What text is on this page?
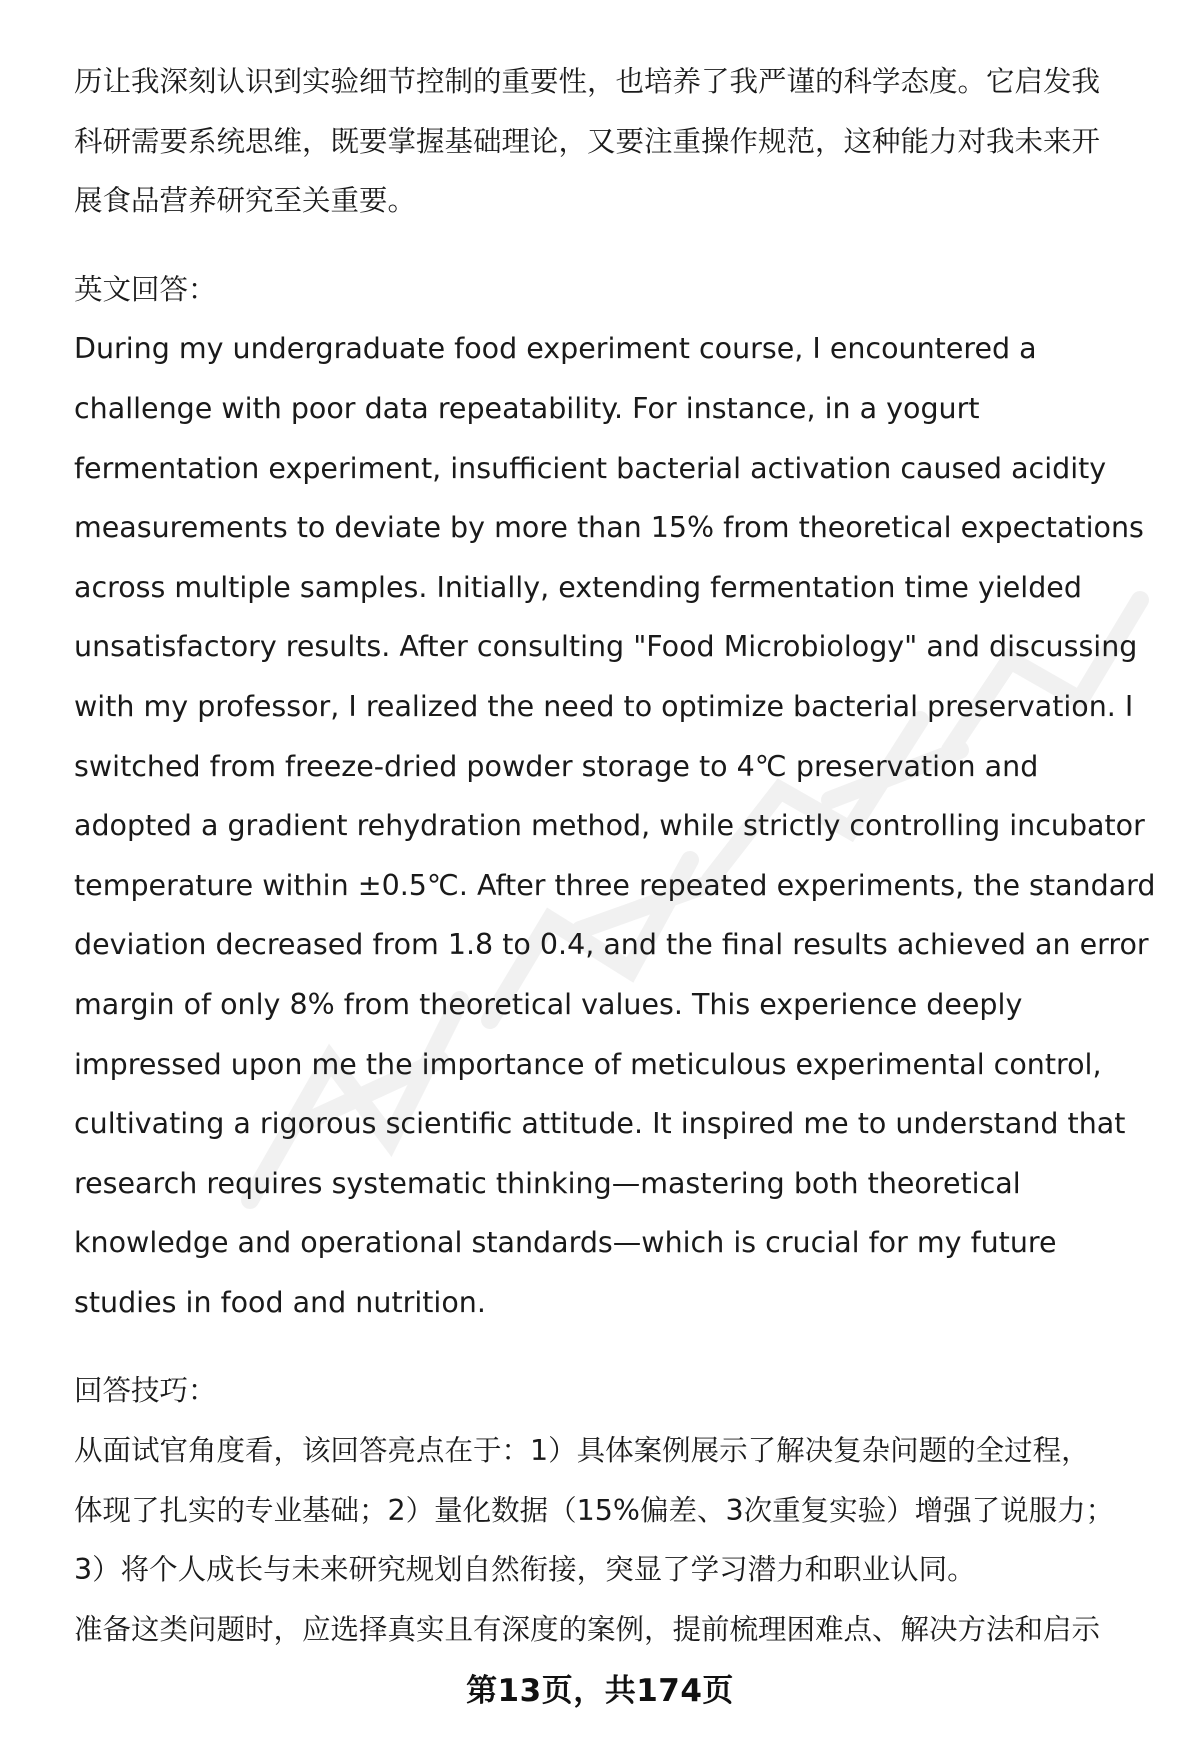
历让我深刻认识到实验细节控制的重要性，也培养了我严谨的科学态度。它启发我
科研需要系统思维，既要掌握基础理论，又要注重操作规范，这种能力对我未来开
展食品营养研究至关重要。
英文回答：
During my undergraduate food experiment course, I encountered a
challenge with poor data repeatability. For instance, in a yogurt
fermentation experiment, insufficient bacterial activation caused acidity
measurements to deviate by more than 15% from theoretical expectations
across multiple samples. Initially, extending fermentation time yielded
unsatisfactory results. After consulting "Food Microbiology" and discussing
with my professor, I realized the need to optimize bacterial preservation. I
switched from freeze-dried powder storage to 4℃ preservation and
adopted a gradient rehydration method, while strictly controlling incubator
temperature within ±0.5℃. After three repeated experiments, the standard
deviation decreased from 1.8 to 0.4, and the final results achieved an error
margin of only 8% from theoretical values. This experience deeply
impressed upon me the importance of meticulous experimental control,
cultivating a rigorous scientific attitude. It inspired me to understand that
research requires systematic thinking—mastering both theoretical
knowledge and operational standards—which is crucial for my future
studies in food and nutrition.
回答技巧：
从面试官角度看，该回答亮点在于：1）具体案例展示了解决复杂问题的全过程，
体现了扎实的专业基础；2）量化数据（15%偏差、3次重复实验）增强了说服力；
3）将个人成长与未来研究规划自然衔接，突显了学习潜力和职业认同。
准备这类问题时，应选择真实且有深度的案例，提前梳理困难点、解决方法和启示
第13页，共174页
